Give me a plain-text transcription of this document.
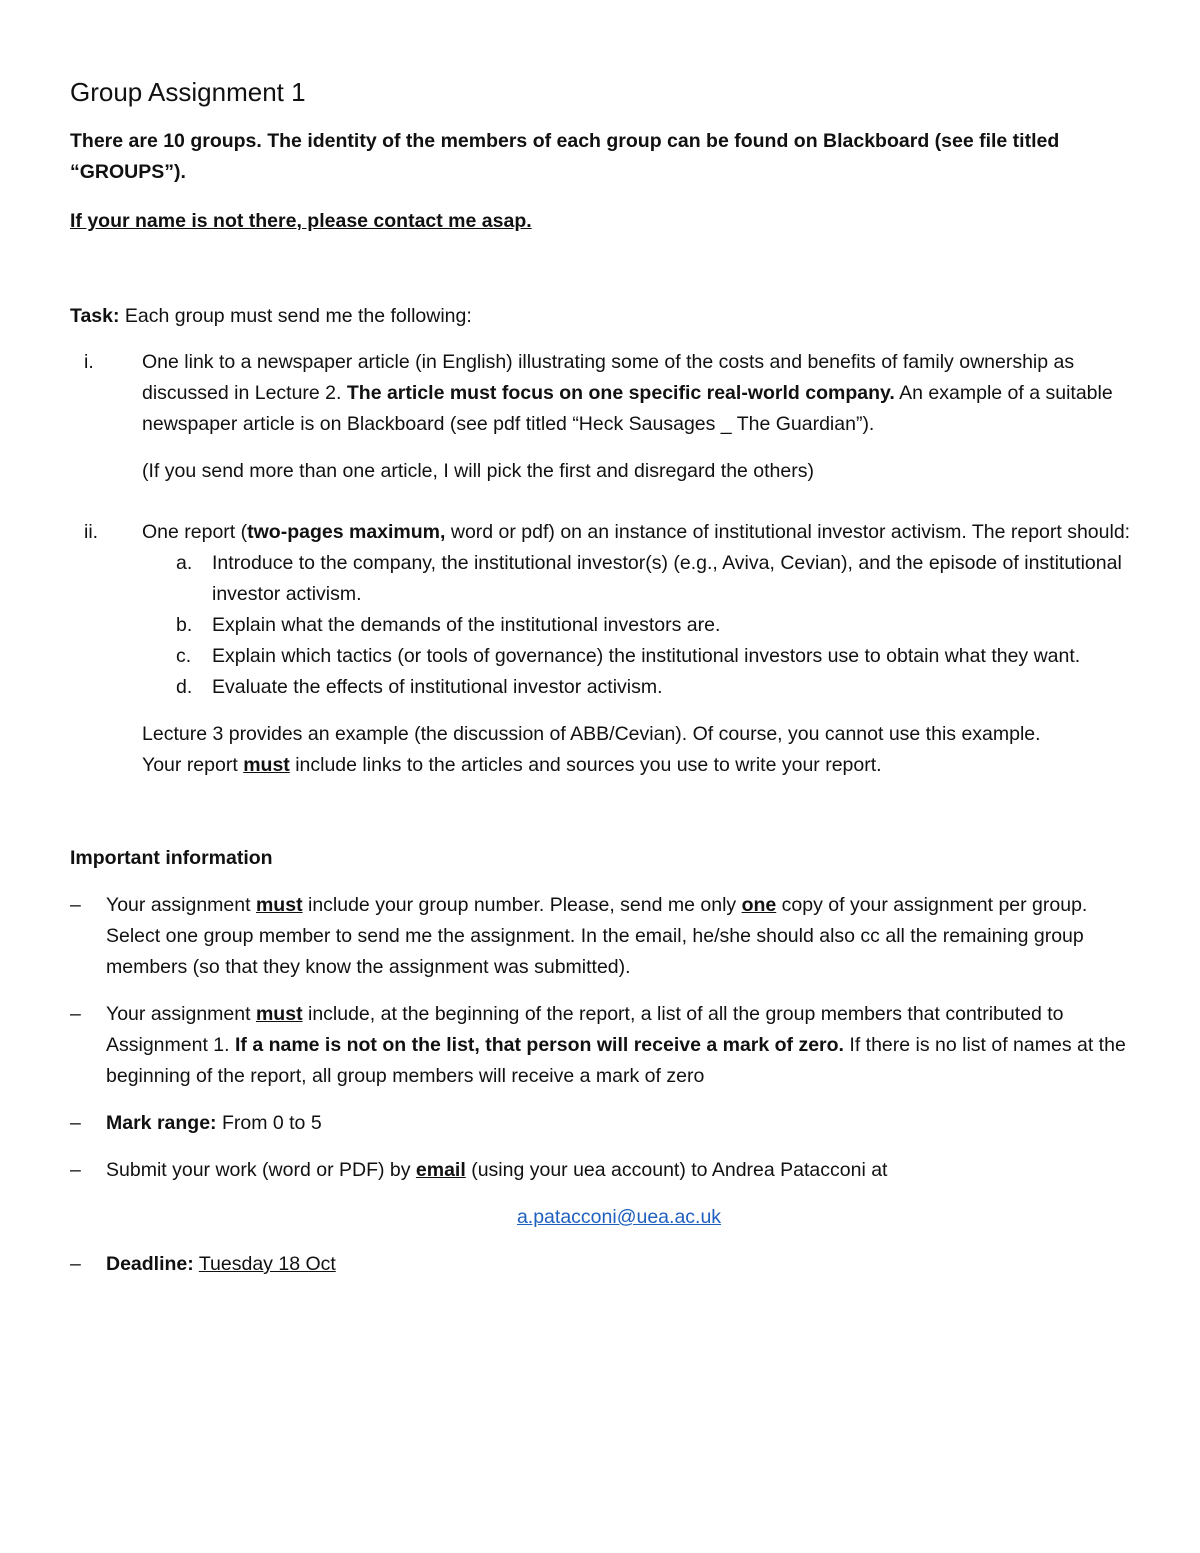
Group Assignment 1

There are 10 groups. The identity of the members of each group can be found on Blackboard (see file titled “GROUPS”).

If your name is not there, please contact me asap.

Task: Each group must send me the following:

i. One link to a newspaper article (in English) illustrating some of the costs and benefits of family ownership as discussed in Lecture 2. The article must focus on one specific real-world company. An example of a suitable newspaper article is on Blackboard (see pdf titled “Heck Sausages _ The Guardian”).

(If you send more than one article, I will pick the first and disregard the others)

ii. One report (two-pages maximum, word or pdf) on an instance of institutional investor activism. The report should:

a. Introduce to the company, the institutional investor(s) (e.g., Aviva, Cevian), and the episode of institutional investor activism.
b. Explain what the demands of the institutional investors are.
c. Explain which tactics (or tools of governance) the institutional investors use to obtain what they want.
d. Evaluate the effects of institutional investor activism.

Lecture 3 provides an example (the discussion of ABB/Cevian). Of course, you cannot use this example.
Your report must include links to the articles and sources you use to write your report.

Important information

– Your assignment must include your group number. Please, send me only one copy of your assignment per group. Select one group member to send me the assignment. In the email, he/she should also cc all the remaining group members (so that they know the assignment was submitted).

– Your assignment must include, at the beginning of the report, a list of all the group members that contributed to Assignment 1. If a name is not on the list, that person will receive a mark of zero. If there is no list of names at the beginning of the report, all group members will receive a mark of zero

– Mark range: From 0 to 5

– Submit your work (word or PDF) by email (using your uea account) to Andrea Patacconi at

a.patacconi@uea.ac.uk

– Deadline: Tuesday 18 Oct
